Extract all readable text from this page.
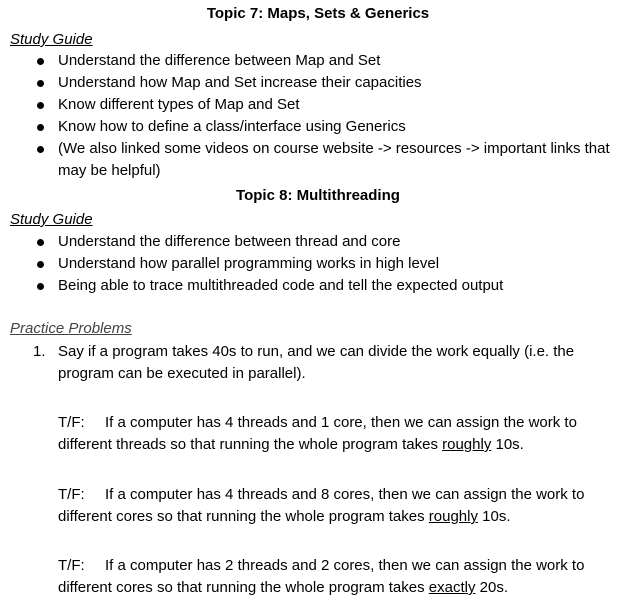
Topic 7: Maps, Sets & Generics
Study Guide
Understand the difference between Map and Set
Understand how Map and Set increase their capacities
Know different types of Map and Set
Know how to define a class/interface using Generics
(We also linked some videos on course website -> resources -> important links that may be helpful)
Topic 8: Multithreading
Study Guide
Understand the difference between thread and core
Understand how parallel programming works in high level
Being able to trace multithreaded code and tell the expected output
Practice Problems
1. Say if a program takes 40s to run, and we can divide the work equally (i.e. the program can be executed in parallel).
T/F: If a computer has 4 threads and 1 core, then we can assign the work to different threads so that running the whole program takes roughly 10s.
T/F: If a computer has 4 threads and 8 cores, then we can assign the work to different cores so that running the whole program takes roughly 10s.
T/F: If a computer has 2 threads and 2 cores, then we can assign the work to different cores so that running the whole program takes exactly 20s.
